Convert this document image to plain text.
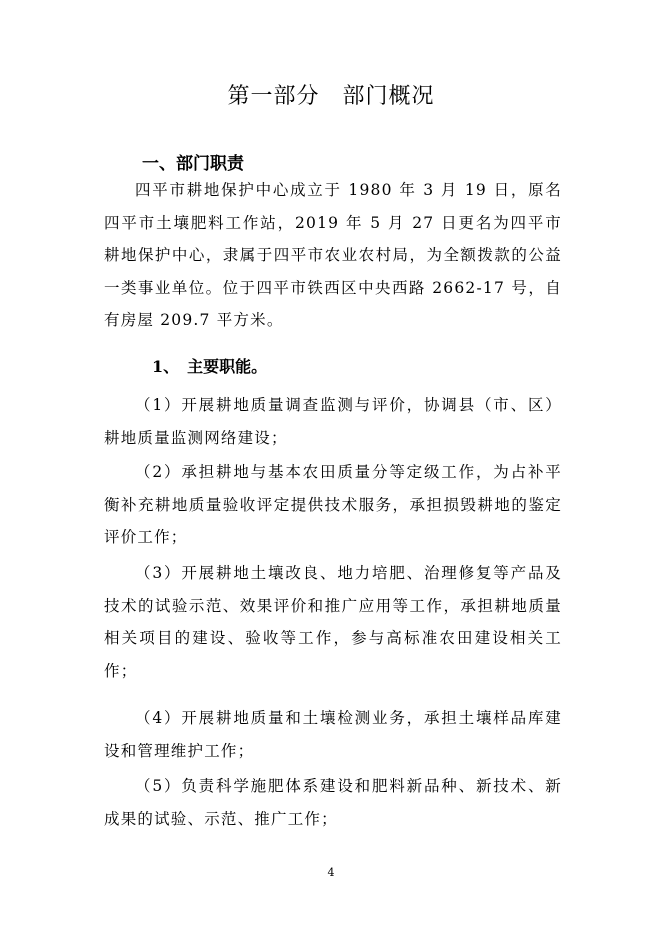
第一部分　部门概况
一、部门职责
四平市耕地保护中心成立于 1980 年 3 月 19 日，原名四平市土壤肥料工作站，2019 年 5 月 27 日更名为四平市耕地保护中心，隶属于四平市农业农村局，为全额拨款的公益一类事业单位。位于四平市铁西区中央西路 2662-17 号，自有房屋 209.7 平方米。
1、　主要职能。
（1）开展耕地质量调查监测与评价，协调县（市、区）耕地质量监测网络建设；
（2）承担耕地与基本农田质量分等定级工作，为占补平衡补充耕地质量验收评定提供技术服务，承担损毁耕地的鉴定评价工作；
（3）开展耕地土壤改良、地力培肥、治理修复等产品及技术的试验示范、效果评价和推广应用等工作，承担耕地质量相关项目的建设、验收等工作，参与高标准农田建设相关工作；
（4）开展耕地质量和土壤检测业务，承担土壤样品库建设和管理维护工作；
（5）负责科学施肥体系建设和肥料新品种、新技术、新成果的试验、示范、推广工作；
4
